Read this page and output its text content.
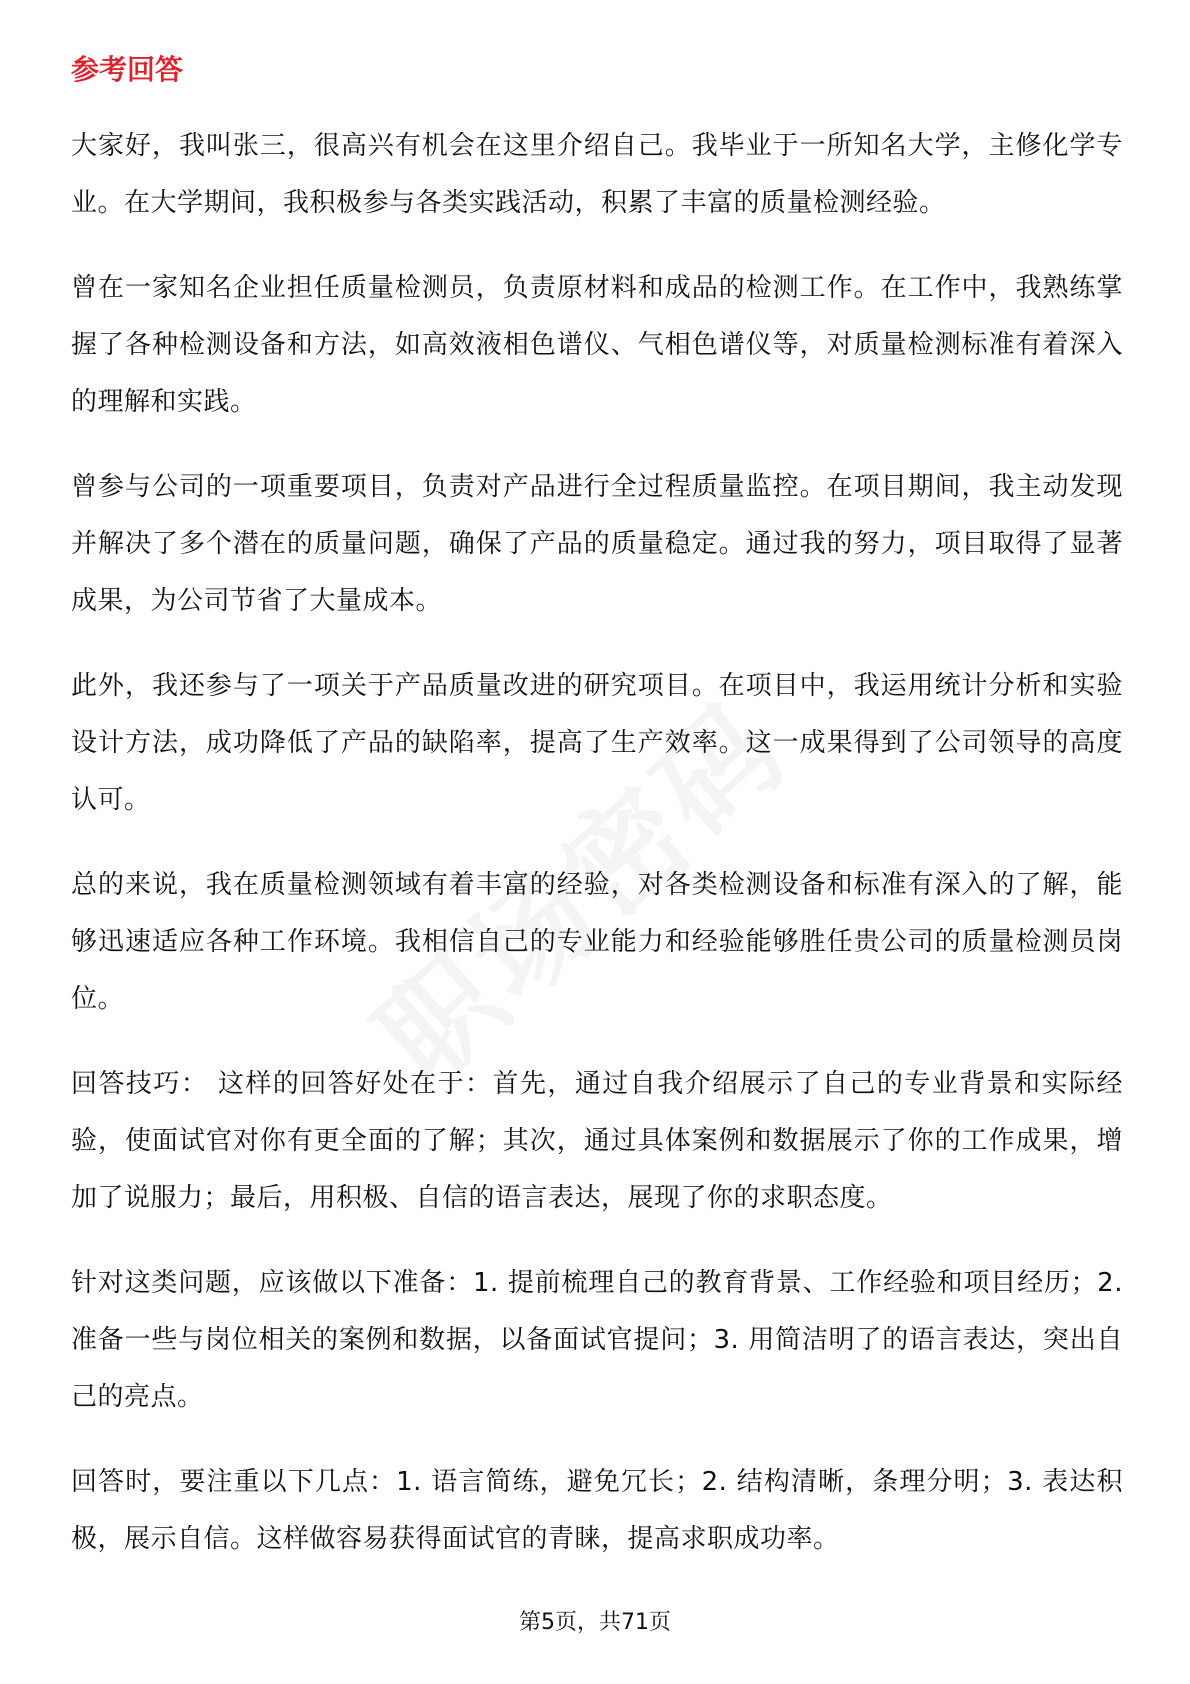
参考回答

大家好，我叫张三，很高兴有机会在这里介绍自己。我毕业于一所知名大学，主修化学专业。在大学期间，我积极参与各类实践活动，积累了丰富的质量检测经验。

曾在一家知名企业担任质量检测员，负责原材料和成品的检测工作。在工作中，我熟练掌握了各种检测设备和方法，如高效液相色谱仪、气相色谱仪等，对质量检测标准有着深入的理解和实践。

曾参与公司的一项重要项目，负责对产品进行全过程质量监控。在项目期间，我主动发现并解决了多个潜在的质量问题，确保了产品的质量稳定。通过我的努力，项目取得了显著成果，为公司节省了大量成本。

此外，我还参与了一项关于产品质量改进的研究项目。在项目中，我运用统计分析和实验设计方法，成功降低了产品的缺陷率，提高了生产效率。这一成果得到了公司领导的高度认可。

总的来说，我在质量检测领域有着丰富的经验，对各类检测设备和标准有深入的了解，能够迅速适应各种工作环境。我相信自己的专业能力和经验能够胜任贵公司的质量检测员岗位。

回答技巧： 这样的回答好处在于：首先，通过自我介绍展示了自己的专业背景和实际经验，使面试官对你有更全面的了解；其次，通过具体案例和数据展示了你的工作成果，增加了说服力；最后，用积极、自信的语言表达，展现了你的求职态度。

针对这类问题，应该做以下准备：1. 提前梳理自己的教育背景、工作经验和项目经历；2. 准备一些与岗位相关的案例和数据，以备面试官提问；3. 用简洁明了的语言表达，突出自己的亮点。

回答时，要注重以下几点：1. 语言简练，避免冗长；2. 结构清晰，条理分明；3. 表达积极，展示自信。这样做容易获得面试官的青睐，提高求职成功率。

第5页，共71页
